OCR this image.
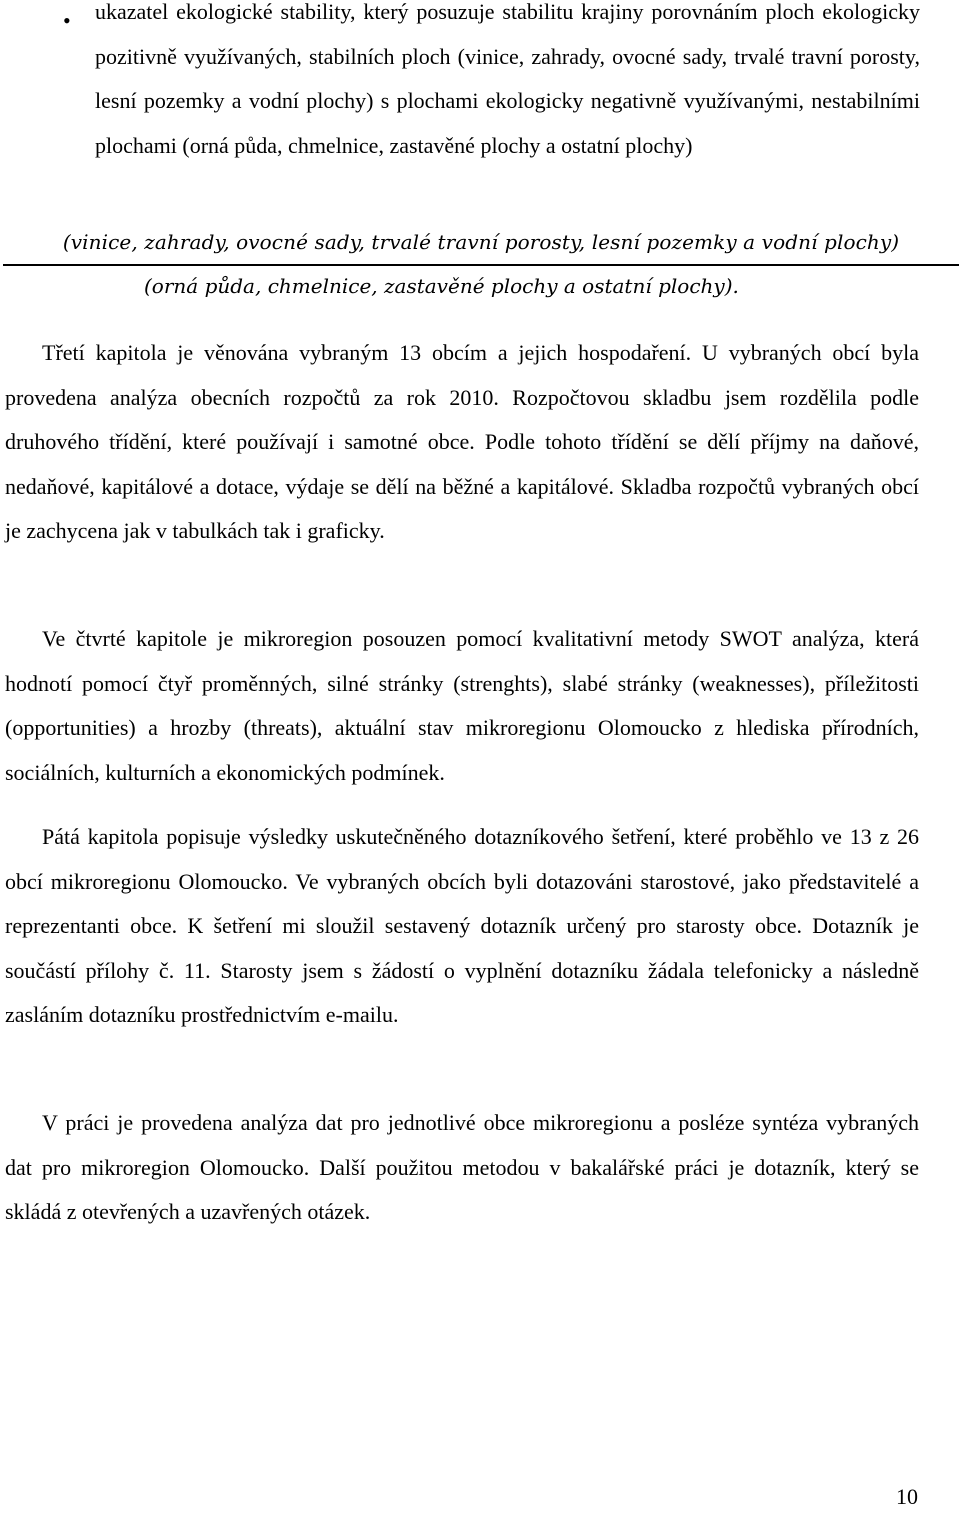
• ukazatel ekologické stability, který posuzuje stabilitu krajiny porovnáním ploch ekologicky pozitivně využívaných, stabilních ploch (vinice, zahrady, ovocné sady, trvalé travní porosty, lesní pozemky a vodní plochy) s plochami ekologicky negativně využívanými, nestabilními plochami (orná půda, chmelnice, zastavěné plochy a ostatní plochy)
(vinice, zahrady, ovocné sady, trvalé travní porosty, lesní pozemky a vodní plochy)
(orná půda, chmelnice, zastavěné plochy a ostatní plochy).

Třetí kapitola je věnována vybraným 13 obcím a jejich hospodaření. U vybraných obcí byla provedena analýza obecních rozpočtů za rok 2010. Rozpočtovou skladbu jsem rozdělila podle druhového třídění, které používají i samotné obce. Podle tohoto třídění se dělí příjmy na daňové, nedaňové, kapitálové a dotace, výdaje se dělí na běžné a kapitálové. Skladba rozpočtů vybraných obcí je zachycena jak v tabulkách tak i graficky.

Ve čtvrté kapitole je mikroregion posouzen pomocí kvalitativní metody SWOT analýza, která hodnotí pomocí čtyř proměnných, silné stránky (strenghts), slabé stránky (weaknesses), příležitosti (opportunities) a hrozby (threats), aktuální stav mikroregionu Olomoucko z hlediska přírodních, sociálních, kulturních a ekonomických podmínek.

Pátá kapitola popisuje výsledky uskutečněného dotazníkového šetření, které proběhlo ve 13 z 26 obcí mikroregionu Olomoucko. Ve vybraných obcích byli dotazováni starostové, jako představitelé a reprezentanti obce. K šetření mi sloužil sestavený dotazník určený pro starosty obce. Dotazník je součástí přílohy č. 11. Starosty jsem s žádostí o vyplnění dotazníku žádala telefonicky a následně zasláním dotazníku prostřednictvím e-mailu.

V práci je provedena analýza dat pro jednotlivé obce mikroregionu a posléze syntéza vybraných dat pro mikroregion Olomoucko. Další použitou metodou v bakalářské práci je dotazník, který se skládá z otevřených a uzavřených otázek.

10
